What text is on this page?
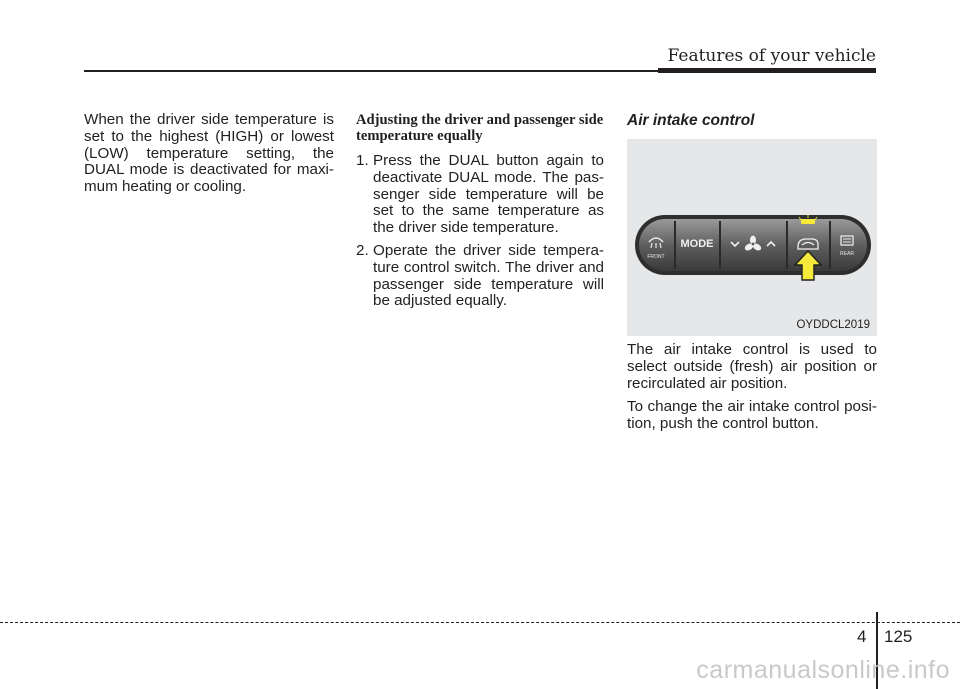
Features of your vehicle

When the driver side temperature is set to the highest (HIGH) or lowest (LOW) temperature setting, the DUAL mode is deactivated for maxi-mum heating or cooling.

Adjusting the driver and passenger side temperature equally

1. Press the DUAL button again to deactivate DUAL mode. The pas-senger side temperature will be set to the same temperature as the driver side temperature.
2. Operate the driver side tempera-ture control switch. The driver and passenger side temperature will be adjusted equally.

Air intake control

FRONT
MODE
REAR
OYDDCL2019

The air intake control is used to select outside (fresh) air position or recirculated air position.

To change the air intake control posi-tion, push the control button.

4 125
carmanualsonline.info
